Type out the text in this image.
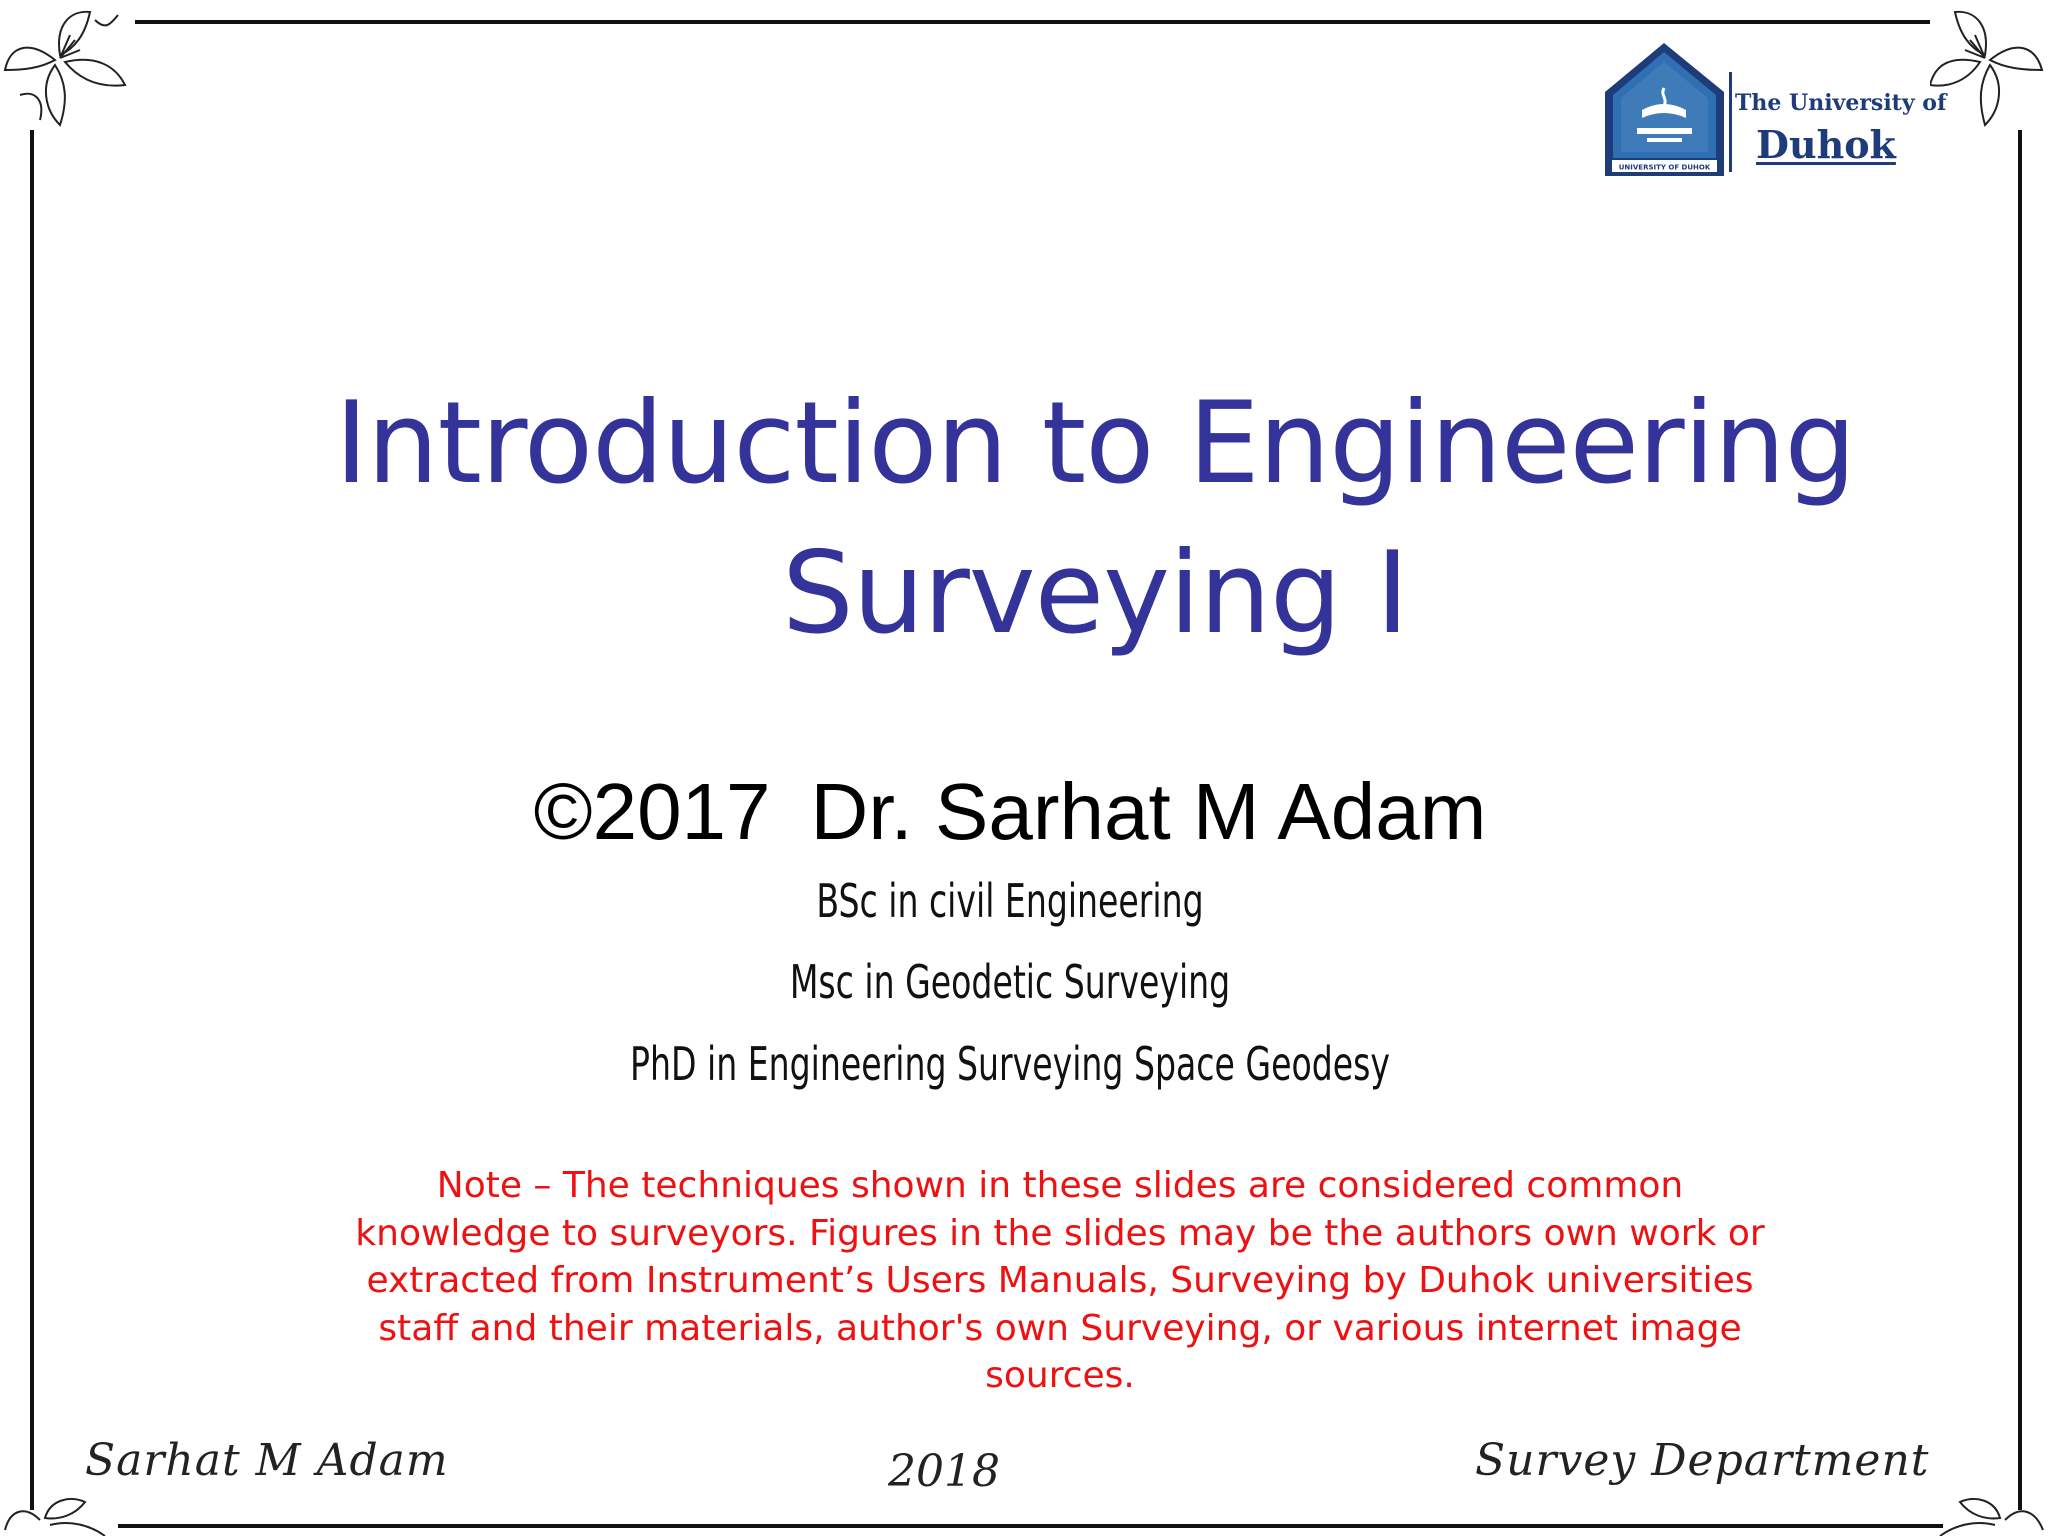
UNIVERSITY OF DUHOK
The University of
Duhok
Introduction to Engineering Surveying I
©2017 Dr. Sarhat M Adam
BSc in civil Engineering
Msc in Geodetic Surveying
PhD in Engineering Surveying Space Geodesy
Note – The techniques shown in these slides are considered common knowledge to surveyors. Figures in the slides may be the authors own work or extracted from Instrument’s Users Manuals, Surveying by Duhok universities staff and their materials, author's own Surveying, or various internet image sources.
Sarhat M Adam	2018	Survey Department
